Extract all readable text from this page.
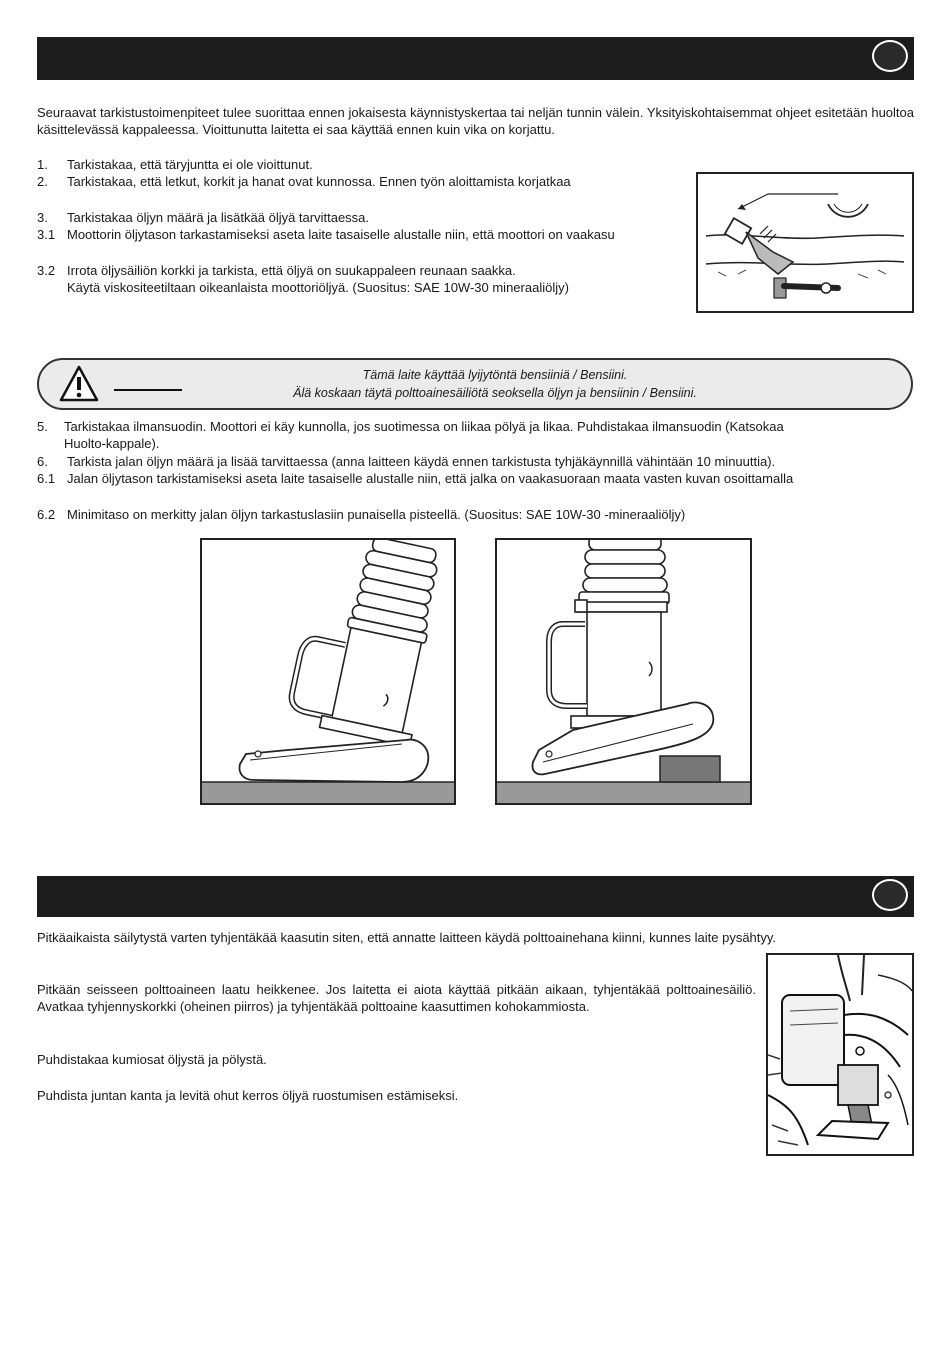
Seuraavat tarkistustoimenpiteet tulee suorittaa ennen jokaisesta käynnistyskertaa tai neljän tunnin välein. Yksityiskohtaisemmat ohjeet esitetään huoltoa käsittelevässä kappaleessa. Vioittunutta laitetta ei saa käyttää ennen kuin vika on korjattu.
1. Tarkistakaa, että täryjuntta ei ole vioittunut.
2. Tarkistakaa, että letkut, korkit ja hanat ovat kunnossa. Ennen työn aloittamista korjatkaa
3. Tarkistakaa öljyn määrä ja lisätkää öljyä tarvittaessa.
3.1 Moottorin öljytason tarkastamiseksi aseta laite tasaiselle alustalle niin, että moottori on vaakasu
3.2 Irrota öljysäiliön korkki ja tarkista, että öljyä on suukappaleen reunaan saakka.
Käytä viskositeetiltaan oikeanlaista moottoriöljyä. (Suositus: SAE 10W-30 mineraaliöljy)
Tämä laite käyttää lyijytöntä bensiiniä / Bensiini.
Älä koskaan täytä polttoainesäiliötä seoksella öljyn ja bensiinin / Bensiini.
5. Tarkistakaa ilmansuodin. Moottori ei käy kunnolla, jos suotimessa on liikaa pölyä ja likaa. Puhdistakaa ilmansuodin (Katsokaa
Huolto-kappale).
6. Tarkista jalan öljyn määrä ja lisää tarvittaessa (anna laitteen käydä ennen tarkistusta tyhjäkäynnillä vähintään 10 minuuttia).
6.1 Jalan öljytason tarkistamiseksi aseta laite tasaiselle alustalle niin, että jalka on vaakasuoraan maata vasten kuvan osoittamalla
6.2 Minimitaso on merkitty jalan öljyn tarkastuslasiin punaisella pisteellä. (Suositus: SAE 10W-30 -mineraaliöljy)
Pitkäaikaista säilytystä varten tyhjentäkää kaasutin siten, että annatte laitteen käydä polttoainehana kiinni, kunnes laite pysähtyy.
Pitkään seisseen polttoaineen laatu heikkenee. Jos laitetta ei aiota käyttää pitkään aikaan, tyhjentäkää polttoainesäiliö. Avatkaa tyhjennyskorkki (oheinen piirros) ja tyhjentäkää polttoaine kaasuttimen kohokammiosta.
Puhdistakaa kumiosat öljystä ja pölystä.
Puhdista juntan kanta ja levitä ohut kerros öljyä ruostumisen estämiseksi.
